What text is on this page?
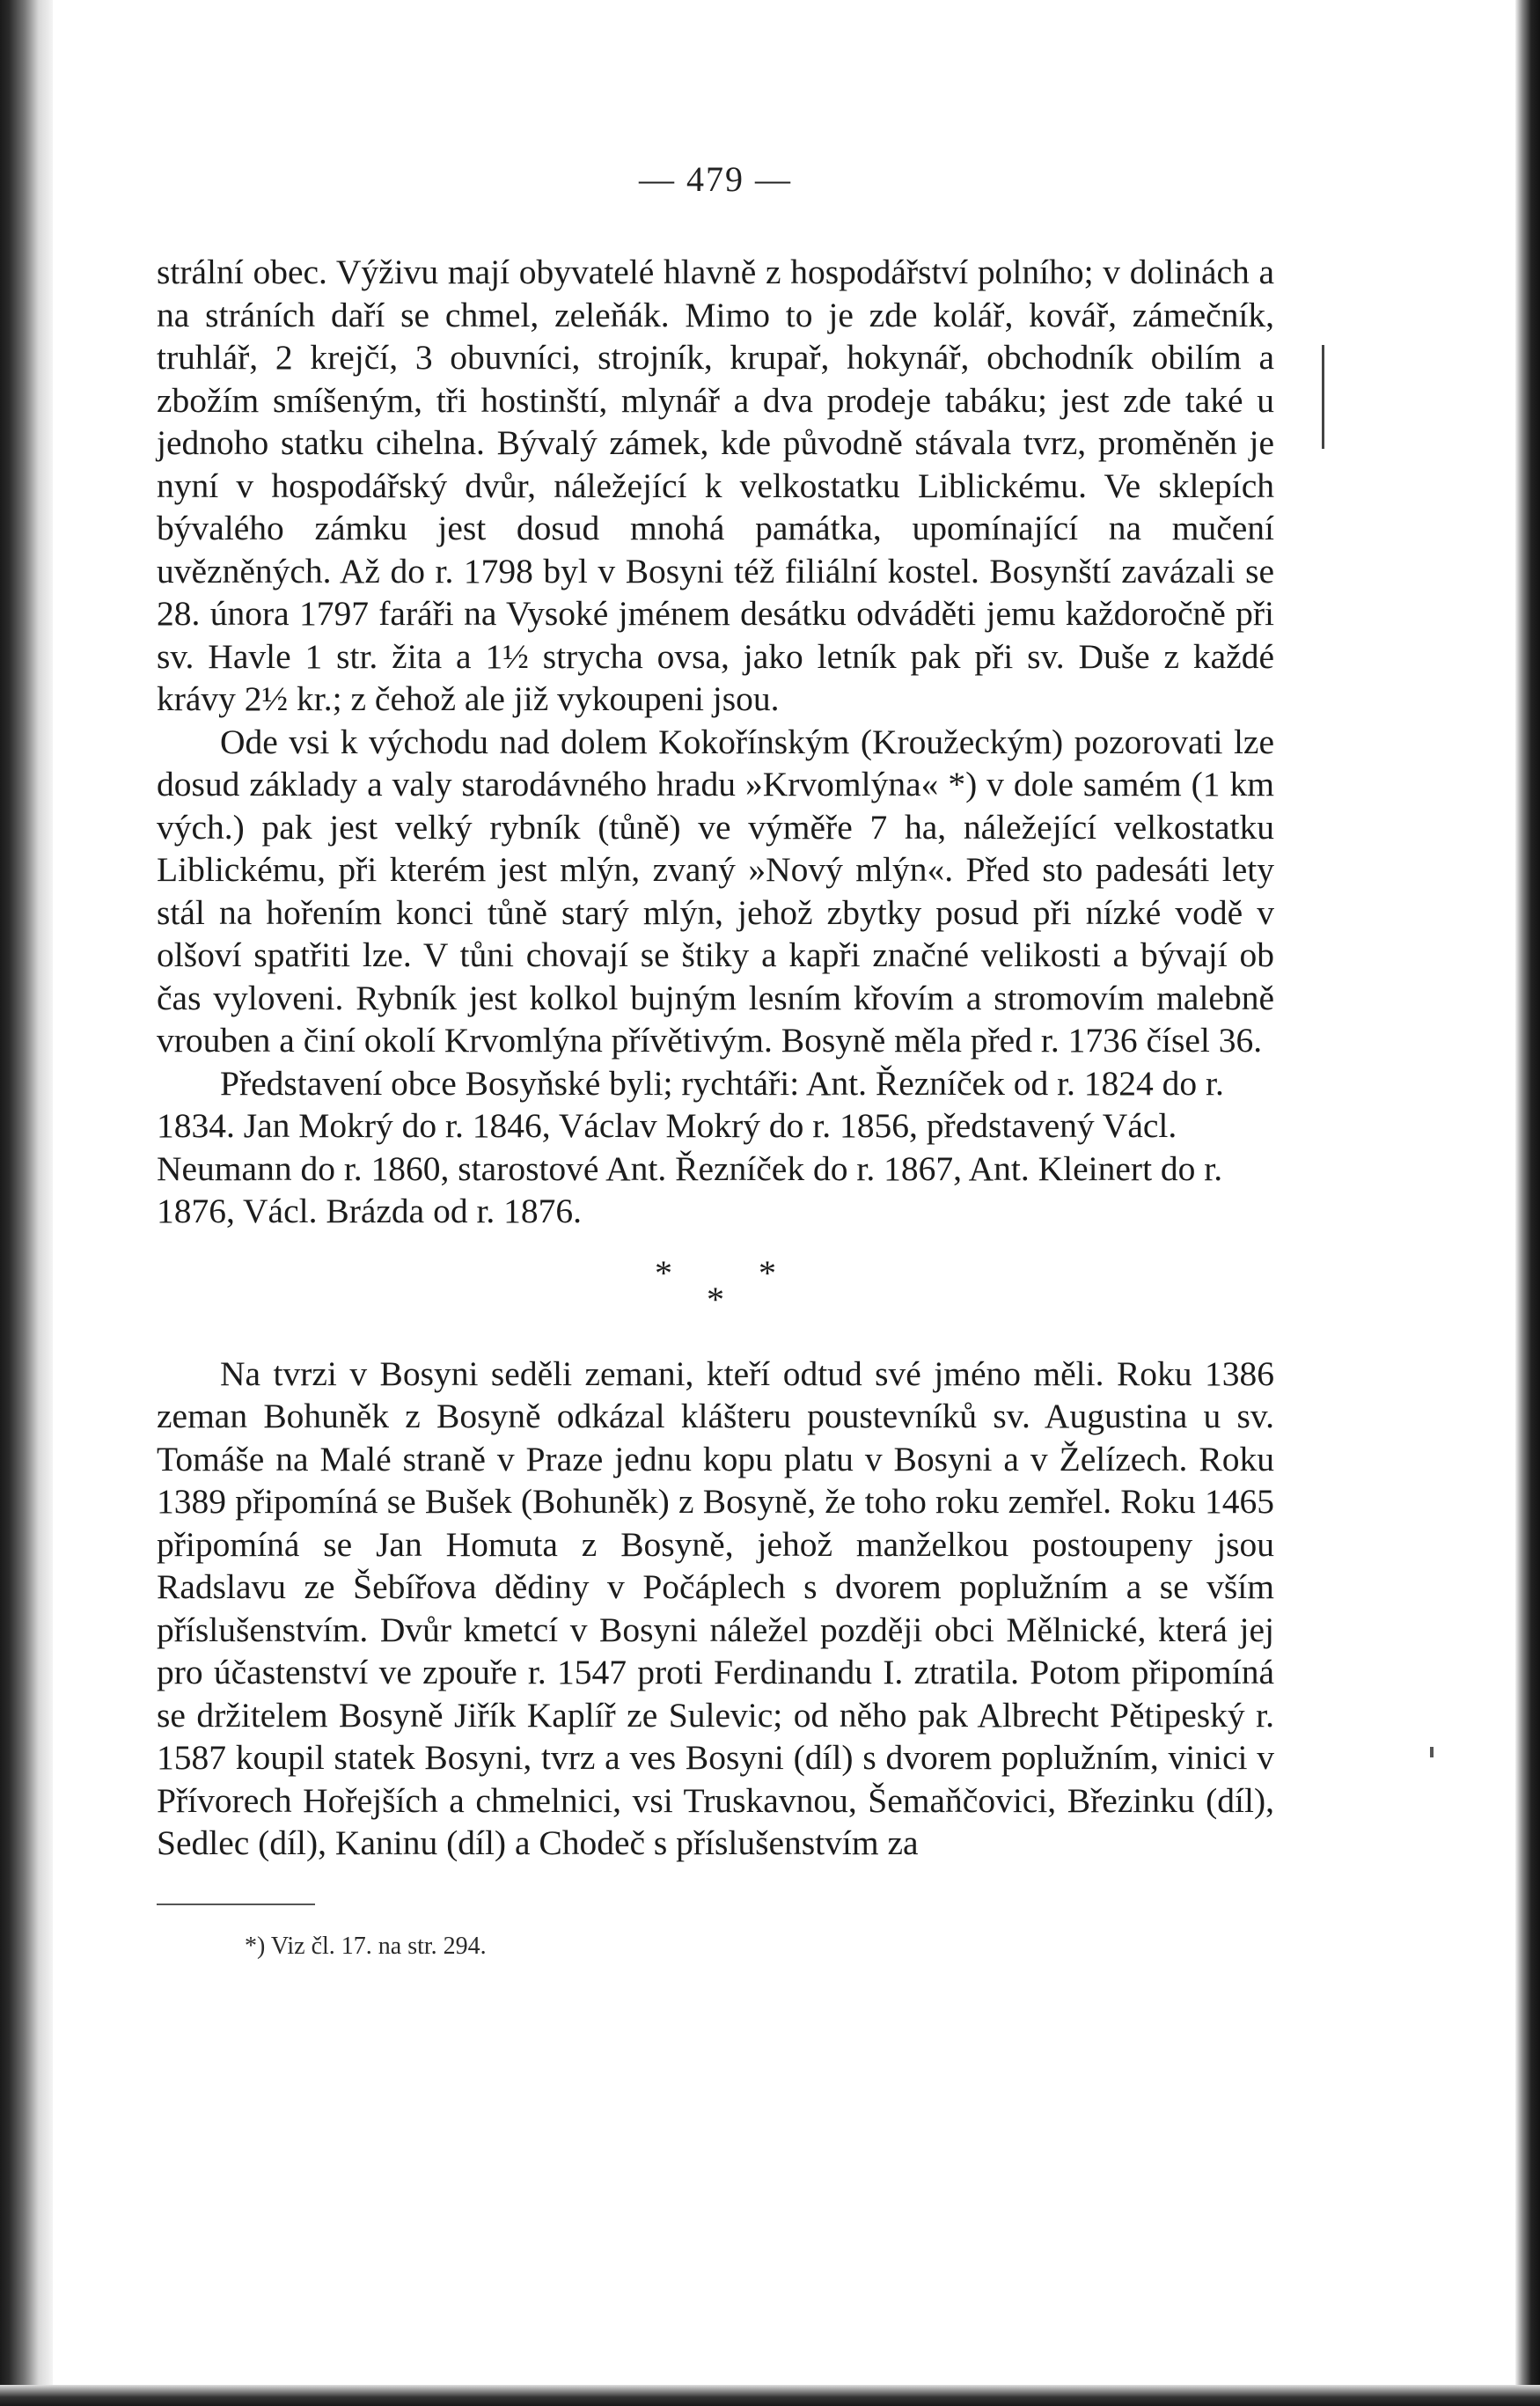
— 479 —

strální obec. Výživu mají obyvatelé hlavně z hospodářství polního; v dolinách a na stráních daří se chmel, zeleňák. Mimo to je zde kolář, kovář, zámečník, truhlář, 2 krejčí, 3 obuvníci, strojník, krupař, hokynář, obchodník obilím a zbožím smíšeným, tři hostinští, mlynář a dva prodeje tabáku; jest zde také u jednoho statku cihelna. Bývalý zámek, kde původně stávala tvrz, proměněn je nyní v hospodářský dvůr, náležející k velkostatku Liblickému. Ve sklepích bývalého zámku jest dosud mnohá památka, upomínající na mučení uvězněných. Až do r. 1798 byl v Bosyni též filiální kostel. Bosynští zavázali se 28. února 1797 faráři na Vysoké jménem desátku odváděti jemu každoročně při sv. Havle 1 str. žita a 1½ strycha ovsa, jako letník pak při sv. Duše z každé krávy 2½ kr.; z čehož ale již vykoupeni jsou.

Ode vsi k východu nad dolem Kokořínským (Kroužeckým) pozorovati lze dosud základy a valy starodávného hradu »Krvomlýna« *) v dole samém (1 km vých.) pak jest velký rybník (tůně) ve výměře 7 ha, náležející velkostatku Liblickému, při kterém jest mlýn, zvaný »Nový mlýn«. Před sto padesáti lety stál na hořením konci tůně starý mlýn, jehož zbytky posud při nízké vodě v olšoví spatřiti lze. V tůni chovají se štiky a kapři značné velikosti a bývají ob čas vyloveni. Rybník jest kolkol bujným lesním křovím a stromovím malebně vrouben a činí okolí Krvomlýna přívětivým. Bosyně měla před r. 1736 čísel 36.

Představení obce Bosyňské byli; rychtáři: Ant. Řezníček od r. 1824 do r. 1834. Jan Mokrý do r. 1846, Václav Mokrý do r. 1856, představený Václ. Neumann do r. 1860, starostové Ant. Řezníček do r. 1867, Ant. Kleinert do r. 1876, Václ. Brázda od r. 1876.

* *
*

Na tvrzi v Bosyni seděli zemani, kteří odtud své jméno měli. Roku 1386 zeman Bohuněk z Bosyně odkázal klášteru poustevníků sv. Augustina u sv. Tomáše na Malé straně v Praze jednu kopu platu v Bosyni a v Želízech. Roku 1389 připomíná se Bušek (Bohuněk) z Bosyně, že toho roku zemřel. Roku 1465 připomíná se Jan Homuta z Bosyně, jehož manželkou postoupeny jsou Radslavu ze Šebířova dědiny v Počáplech s dvorem poplužním a se vším příslušenstvím. Dvůr kmetcí v Bosyni náležel později obci Mělnické, která jej pro účastenství ve zpouře r. 1547 proti Ferdinandu I. ztratila. Potom připomíná se držitelem Bosyně Jiřík Kaplíř ze Sulevic; od něho pak Albrecht Pětipeský r. 1587 koupil statek Bosyni, tvrz a ves Bosyni (díl) s dvorem poplužním, vinici v Přívorech Hořejších a chmelnici, vsi Truskavnou, Šemaňčovici, Březinku (díl), Sedlec (díl), Kaninu (díl) a Chodeč s příslušenstvím za

*) Viz čl. 17. na str. 294.
